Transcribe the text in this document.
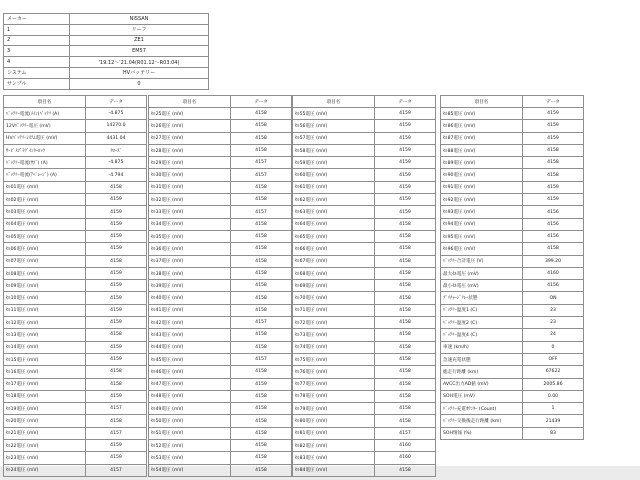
メーカー	NISSAN
1	リーフ
2	ZE1
3	EM57
4	'19.12〜'21.04(R01.12〜R03.04)
システム	HVバッテリー
サンプル	0
項目名	データ
ﾊﾞｯﾃﾘｰ電流(ﾒｲﾝ)ﾊﾞｯﾃﾘ (A)	-4.875
12Vﾊﾞｯﾃﾘｰ電圧 (mV)	14270.0
HVﾊﾞｯﾃﾘｰｼｽﾃﾑ電圧 (mV)	4431.04
ｻｰﾋﾞｽﾌﾟﾗｸﾞｲﾝﾀｰﾛｯｸ	ｸﾛｰｽﾞ
ﾊﾞｯﾃﾘｰ電流(ｻﾌﾞ) (A)	-4.875
ﾊﾞｯﾃﾘｰ電流(ｱﾍﾞﾚｰｼﾞ) (A)	-4.794
ｾﾙ01電圧 (mV)	4158
ｾﾙ02電圧 (mV)	4159
ｾﾙ03電圧 (mV)	4159
ｾﾙ04電圧 (mV)	4159
ｾﾙ05電圧 (mV)	4159
ｾﾙ06電圧 (mV)	4159
ｾﾙ07電圧 (mV)	4158
ｾﾙ08電圧 (mV)	4159
ｾﾙ09電圧 (mV)	4159
ｾﾙ10電圧 (mV)	4159
ｾﾙ11電圧 (mV)	4159
ｾﾙ12電圧 (mV)	4159
ｾﾙ13電圧 (mV)	4158
ｾﾙ14電圧 (mV)	4159
ｾﾙ15電圧 (mV)	4159
ｾﾙ16電圧 (mV)	4158
ｾﾙ17電圧 (mV)	4158
ｾﾙ18電圧 (mV)	4159
ｾﾙ19電圧 (mV)	4157
ｾﾙ20電圧 (mV)	4158
ｾﾙ21電圧 (mV)	4157
ｾﾙ22電圧 (mV)	4159
ｾﾙ23電圧 (mV)	4159
ｾﾙ24電圧 (mV)	4157
項目名	データ
ｾﾙ25電圧 (mV)	4158
ｾﾙ26電圧 (mV)	4158
ｾﾙ27電圧 (mV)	4158
ｾﾙ28電圧 (mV)	4158
ｾﾙ29電圧 (mV)	4157
ｾﾙ30電圧 (mV)	4157
ｾﾙ31電圧 (mV)	4158
ｾﾙ32電圧 (mV)	4158
ｾﾙ33電圧 (mV)	4157
ｾﾙ34電圧 (mV)	4158
ｾﾙ35電圧 (mV)	4158
ｾﾙ36電圧 (mV)	4158
ｾﾙ37電圧 (mV)	4158
ｾﾙ38電圧 (mV)	4158
ｾﾙ39電圧 (mV)	4158
ｾﾙ40電圧 (mV)	4158
ｾﾙ41電圧 (mV)	4158
ｾﾙ42電圧 (mV)	4157
ｾﾙ43電圧 (mV)	4158
ｾﾙ44電圧 (mV)	4158
ｾﾙ45電圧 (mV)	4157
ｾﾙ46電圧 (mV)	4158
ｾﾙ47電圧 (mV)	4159
ｾﾙ48電圧 (mV)	4158
ｾﾙ49電圧 (mV)	4158
ｾﾙ50電圧 (mV)	4158
ｾﾙ51電圧 (mV)	4158
ｾﾙ52電圧 (mV)	4158
ｾﾙ53電圧 (mV)	4158
ｾﾙ54電圧 (mV)	4158
項目名	データ
ｾﾙ55電圧 (mV)	4159
ｾﾙ56電圧 (mV)	4159
ｾﾙ57電圧 (mV)	4159
ｾﾙ58電圧 (mV)	4159
ｾﾙ59電圧 (mV)	4159
ｾﾙ60電圧 (mV)	4159
ｾﾙ61電圧 (mV)	4159
ｾﾙ62電圧 (mV)	4159
ｾﾙ63電圧 (mV)	4159
ｾﾙ64電圧 (mV)	4158
ｾﾙ65電圧 (mV)	4158
ｾﾙ66電圧 (mV)	4158
ｾﾙ67電圧 (mV)	4158
ｾﾙ68電圧 (mV)	4158
ｾﾙ69電圧 (mV)	4158
ｾﾙ70電圧 (mV)	4158
ｾﾙ71電圧 (mV)	4158
ｾﾙ72電圧 (mV)	4158
ｾﾙ73電圧 (mV)	4158
ｾﾙ74電圧 (mV)	4158
ｾﾙ75電圧 (mV)	4158
ｾﾙ76電圧 (mV)	4158
ｾﾙ77電圧 (mV)	4158
ｾﾙ78電圧 (mV)	4158
ｾﾙ79電圧 (mV)	4158
ｾﾙ80電圧 (mV)	4158
ｾﾙ81電圧 (mV)	4157
ｾﾙ82電圧 (mV)	4160
ｾﾙ83電圧 (mV)	4160
ｾﾙ84電圧 (mV)	4158
項目名	データ
ｾﾙ85電圧 (mV)	4159
ｾﾙ86電圧 (mV)	4159
ｾﾙ87電圧 (mV)	4159
ｾﾙ88電圧 (mV)	4158
ｾﾙ89電圧 (mV)	4158
ｾﾙ90電圧 (mV)	4158
ｾﾙ91電圧 (mV)	4159
ｾﾙ92電圧 (mV)	4159
ｾﾙ93電圧 (mV)	4156
ｾﾙ94電圧 (mV)	4156
ｾﾙ95電圧 (mV)	4156
ｾﾙ96電圧 (mV)	4158
ﾊﾞｯﾃﾘｰ合計電圧 (V)	399.20
最大ｾﾙ電圧 (mV)	4160
最小ｾﾙ電圧 (mV)	4156
ﾌﾟﾘﾁｬｰｼﾞﾘﾚｰ状態	ON
ﾊﾞｯﾃﾘｰ温度1 (C)	23
ﾊﾞｯﾃﾘｰ温度2 (C)	23
ﾊﾞｯﾃﾘｰ温度4 (C)	24
車速 (km/h)	0
急速充電状態	OFF
総走行距離 (km)	67622
AVCC出力AD値 (mV)	2005.86
SOH電圧 (mV)	0.00
ﾊﾞｯﾃﾘｰ充電ｶｳﾝﾀｰ (Count)	1
ﾊﾞｯﾃﾘｰ交換後走行距離 (km)	21439
SOH情報 (%)	83
